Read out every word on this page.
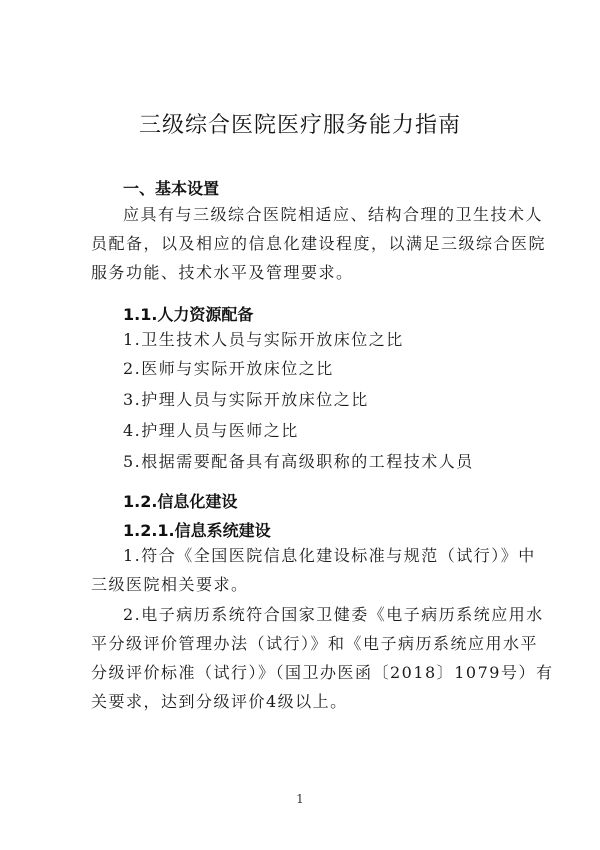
三级综合医院医疗服务能力指南
一、基本设置
应具有与三级综合医院相适应、结构合理的卫生技术人
员配备，以及相应的信息化建设程度，以满足三级综合医院
服务功能、技术水平及管理要求。
1.1.人力资源配备
1.卫生技术人员与实际开放床位之比
2.医师与实际开放床位之比
3.护理人员与实际开放床位之比
4.护理人员与医师之比
5.根据需要配备具有高级职称的工程技术人员
1.2.信息化建设
1.2.1.信息系统建设
1.符合《全国医院信息化建设标准与规范（试行）》中
三级医院相关要求。
2.电子病历系统符合国家卫健委《电子病历系统应用水
平分级评价管理办法（试行）》和《电子病历系统应用水平
分级评价标准（试行）》（国卫办医函〔2018〕1079号）有
关要求，达到分级评价4级以上。
1
